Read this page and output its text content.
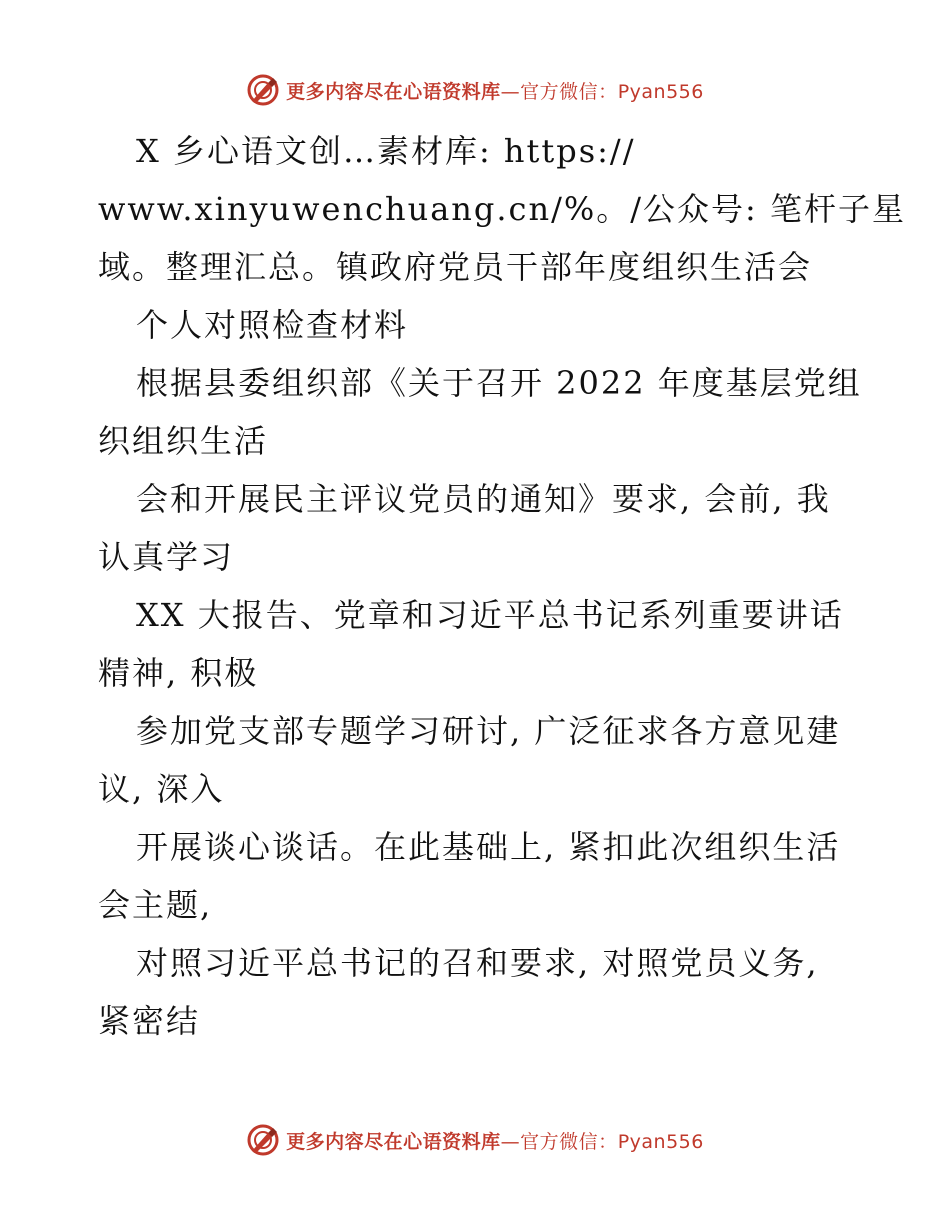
更多内容尽在心语资料库—官方微信：Pyan556
X 乡心语文创…素材库: https://
www.xinyuwenchuang.cn/%。/公众号: 笔杆子星
域。整理汇总。镇政府党员干部年度组织生活会
个人对照检查材料
根据县委组织部《关于召开 2022 年度基层党组
织组织生活
会和开展民主评议党员的通知》要求, 会前, 我
认真学习
XX 大报告、党章和习近平总书记系列重要讲话
精神, 积极
参加党支部专题学习研讨, 广泛征求各方意见建
议, 深入
开展谈心谈话。在此基础上, 紧扣此次组织生活
会主题,
对照习近平总书记的召和要求, 对照党员义务,
紧密结
更多内容尽在心语资料库—官方微信：Pyan556
